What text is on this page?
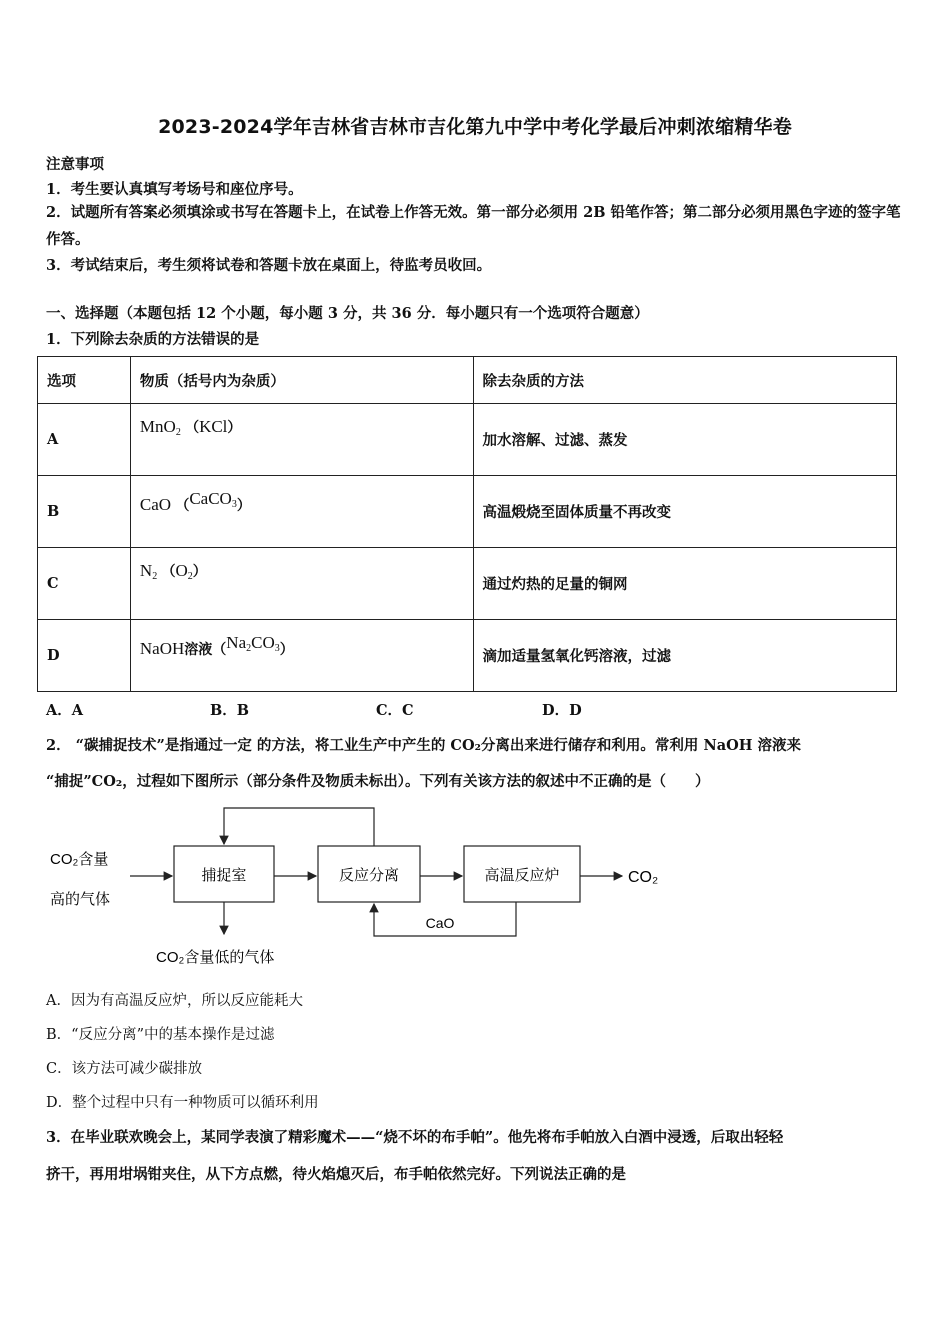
2023-2024学年吉林省吉林市吉化第九中学中考化学最后冲刺浓缩精华卷
注意事项
1．考生要认真填写考场号和座位序号。
2．试题所有答案必须填涂或书写在答题卡上，在试卷上作答无效。第一部分必须用 2B 铅笔作答；第二部分必须用黑色字迹的签字笔作答。
3．考试结束后，考生须将试卷和答题卡放在桌面上，待监考员收回。
一、选择题（本题包括 12 个小题，每小题 3 分，共 36 分．每小题只有一个选项符合题意）
1．下列除去杂质的方法错误的是
选项	物质（括号内为杂质）	除去杂质的方法
A	MnO$_2$ （KCl）	加水溶解、过滤、蒸发
B	CaO （CaCO$_3$）	高温煅烧至固体质量不再改变
C	$N_2$ $(O_2)$	通过灼热的足量的铜网
D	NaOH溶液$(Na_2CO_3)$	滴加适量氢氧化钙溶液，过滤
A．A	B．B	C．C	D．D
2． “碳捕捉技术”是指通过一定 的方法，将工业生产中产生的 CO₂分离出来进行储存和利用。常利用 NaOH 溶液来
“捕捉”CO₂，过程如下图所示（部分条件及物质未标出）。下列有关该方法的叙述中不正确的是（　　）
CO₂含量
高的气体
捕捉室	反应分离	高温反应炉	CO₂
CO₂含量低的气体
CaO
A．因为有高温反应炉，所以反应能耗大
B．“反应分离”中的基本操作是过滤
C．该方法可减少碳排放
D．整个过程中只有一种物质可以循环利用
3．在毕业联欢晚会上，某同学表演了精彩魔术——“烧不坏的布手帕”。他先将布手帕放入白酒中浸透，后取出轻轻
挤干，再用坩埚钳夹住，从下方点燃，待火焰熄灭后，布手帕依然完好。下列说法正确的是
